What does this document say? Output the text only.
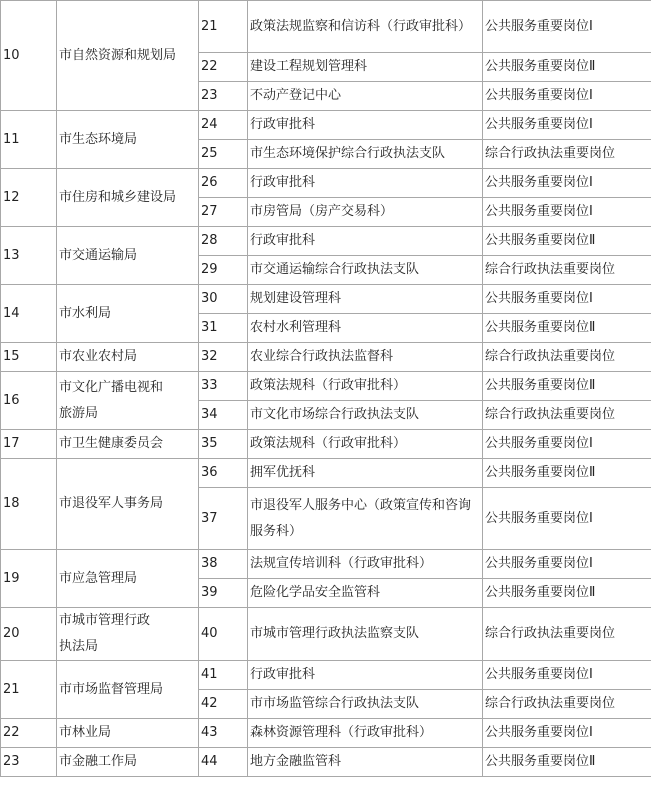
10	市自然资源和规划局	21	政策法规监察和信访科（行政审批科）	公共服务重要岗位Ⅰ
		22	建设工程规划管理科	公共服务重要岗位Ⅱ
		23	不动产登记中心	公共服务重要岗位Ⅰ
11	市生态环境局	24	行政审批科	公共服务重要岗位Ⅰ
		25	市生态环境保护综合行政执法支队	综合行政执法重要岗位
12	市住房和城乡建设局	26	行政审批科	公共服务重要岗位Ⅰ
		27	市房管局（房产交易科）	公共服务重要岗位Ⅰ
13	市交通运输局	28	行政审批科	公共服务重要岗位Ⅱ
		29	市交通运输综合行政执法支队	综合行政执法重要岗位
14	市水利局	30	规划建设管理科	公共服务重要岗位Ⅰ
		31	农村水利管理科	公共服务重要岗位Ⅱ
15	市农业农村局	32	农业综合行政执法监督科	综合行政执法重要岗位
16	市文化广播电视和旅游局	33	政策法规科（行政审批科）	公共服务重要岗位Ⅱ
		34	市文化市场综合行政执法支队	综合行政执法重要岗位
17	市卫生健康委员会	35	政策法规科（行政审批科）	公共服务重要岗位Ⅰ
18	市退役军人事务局	36	拥军优抚科	公共服务重要岗位Ⅱ
		37	市退役军人服务中心（政策宣传和咨询服务科）	公共服务重要岗位Ⅰ
19	市应急管理局	38	法规宣传培训科（行政审批科）	公共服务重要岗位Ⅰ
		39	危险化学品安全监管科	公共服务重要岗位Ⅱ
20	市城市管理行政执法局	40	市城市管理行政执法监察支队	综合行政执法重要岗位
21	市市场监督管理局	41	行政审批科	公共服务重要岗位Ⅰ
		42	市市场监管综合行政执法支队	综合行政执法重要岗位
22	市林业局	43	森林资源管理科（行政审批科）	公共服务重要岗位Ⅰ
23	市金融工作局	44	地方金融监管科	公共服务重要岗位Ⅱ
